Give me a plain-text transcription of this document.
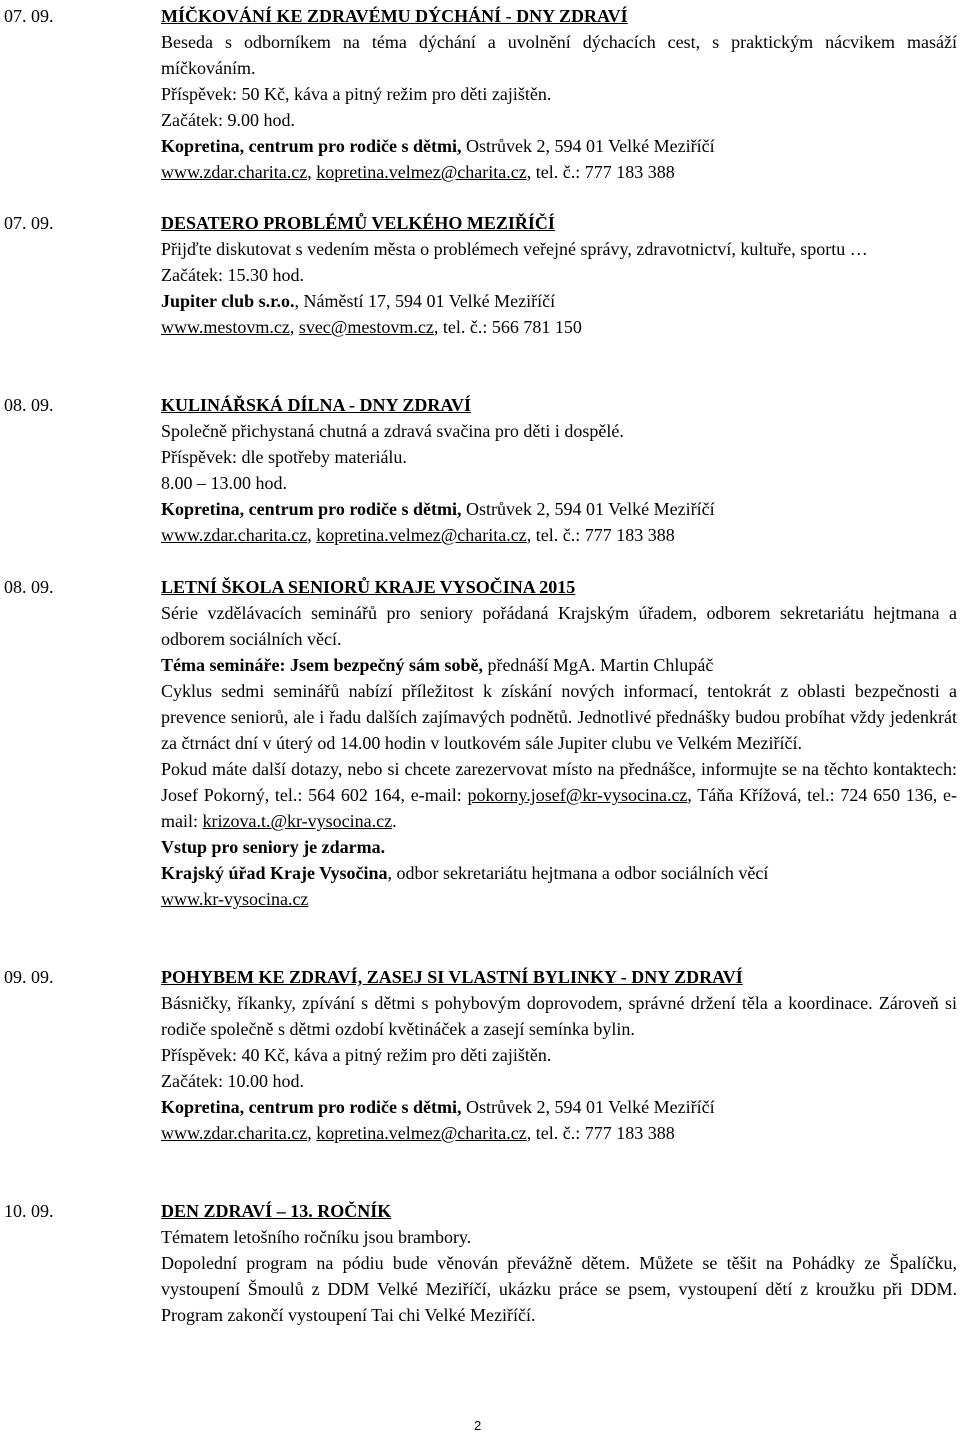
07. 09.	MÍČKOVÁNÍ KE ZDRAVÉMU DÝCHÁNÍ - DNY ZDRAVÍ
Beseda s odborníkem na téma dýchání a uvolnění dýchacích cest, s praktickým nácvikem masáží míčkováním.
Příspěvek: 50 Kč, káva a pitný režim pro děti zajištěn.
Začátek: 9.00 hod.
Kopretina, centrum pro rodiče s dětmi, Ostrůvek 2, 594 01 Velké Meziříčí
www.zdar.charita.cz, kopretina.velmez@charita.cz, tel. č.: 777 183 388
07. 09.	DESATERO PROBLÉMŮ VELKÉHO MEZIŘÍČÍ
Přijďte diskutovat s vedením města o problémech veřejné správy, zdravotnictví, kultuře, sportu …
Začátek: 15.30 hod.
Jupiter club s.r.o., Náměstí 17, 594 01 Velké Meziříčí
www.mestovm.cz, svec@mestovm.cz, tel. č.: 566 781 150
08. 09.	KULINÁŘSKÁ DÍLNA - DNY ZDRAVÍ
Společně přichystaná chutná a zdravá svačina pro děti i dospělé.
Příspěvek: dle spotřeby materiálu.
8.00 – 13.00 hod.
Kopretina, centrum pro rodiče s dětmi, Ostrůvek 2, 594 01 Velké Meziříčí
www.zdar.charita.cz, kopretina.velmez@charita.cz, tel. č.: 777 183 388
08. 09.	LETNÍ ŠKOLA SENIORŮ KRAJE VYSOČINA 2015
Série vzdělávacích seminářů pro seniory pořádaná Krajským úřadem, odborem sekretariátu hejtmana a odborem sociálních věcí.
Téma semináře: Jsem bezpečný sám sobě, přednáší MgA. Martin Chlupáč
Cyklus sedmi seminářů nabízí příležitost k získání nových informací, tentokrát z oblasti bezpečnosti a prevence seniorů, ale i řadu dalších zajímavých podnětů. Jednotlivé přednášky budou probíhat vždy jedenkrát za čtrnáct dní v úterý od 14.00 hodin v loutkovém sále Jupiter clubu ve Velkém Meziříčí.
Pokud máte další dotazy, nebo si chcete zarezervovat místo na přednášce, informujte se na těchto kontaktech: Josef Pokorný, tel.: 564 602 164, e-mail: pokorny.josef@kr-vysocina.cz, Táňa Křížová, tel.: 724 650 136, e-mail: krizova.t.@kr-vysocina.cz.
Vstup pro seniory je zdarma.
Krajský úřad Kraje Vysočina, odbor sekretariátu hejtmana a odbor sociálních věcí
www.kr-vysocina.cz
09. 09.	POHYBEM KE ZDRAVÍ, ZASEJ SI VLASTNÍ BYLINKY - DNY ZDRAVÍ
Básničky, říkanky, zpívání s dětmi s pohybovým doprovodem, správné držení těla a koordinace. Zároveň si rodiče společně s dětmi ozdobí květináček a zasejí semínka bylin.
Příspěvek: 40 Kč, káva a pitný režim pro děti zajištěn.
Začátek: 10.00 hod.
Kopretina, centrum pro rodiče s dětmi, Ostrůvek 2, 594 01 Velké Meziříčí
www.zdar.charita.cz, kopretina.velmez@charita.cz, tel. č.: 777 183 388
10. 09.	DEN ZDRAVÍ – 13. ROČNÍK
Tématem letošního ročníku jsou brambory.
Dopolední program na pódiu bude věnován převážně dětem. Můžete se těšit na Pohádky ze Špalíčku, vystoupení Šmoulů z DDM Velké Meziříčí, ukázku práce se psem, vystoupení dětí z kroužku při DDM. Program zakončí vystoupení Tai chi Velké Meziříčí.
2
